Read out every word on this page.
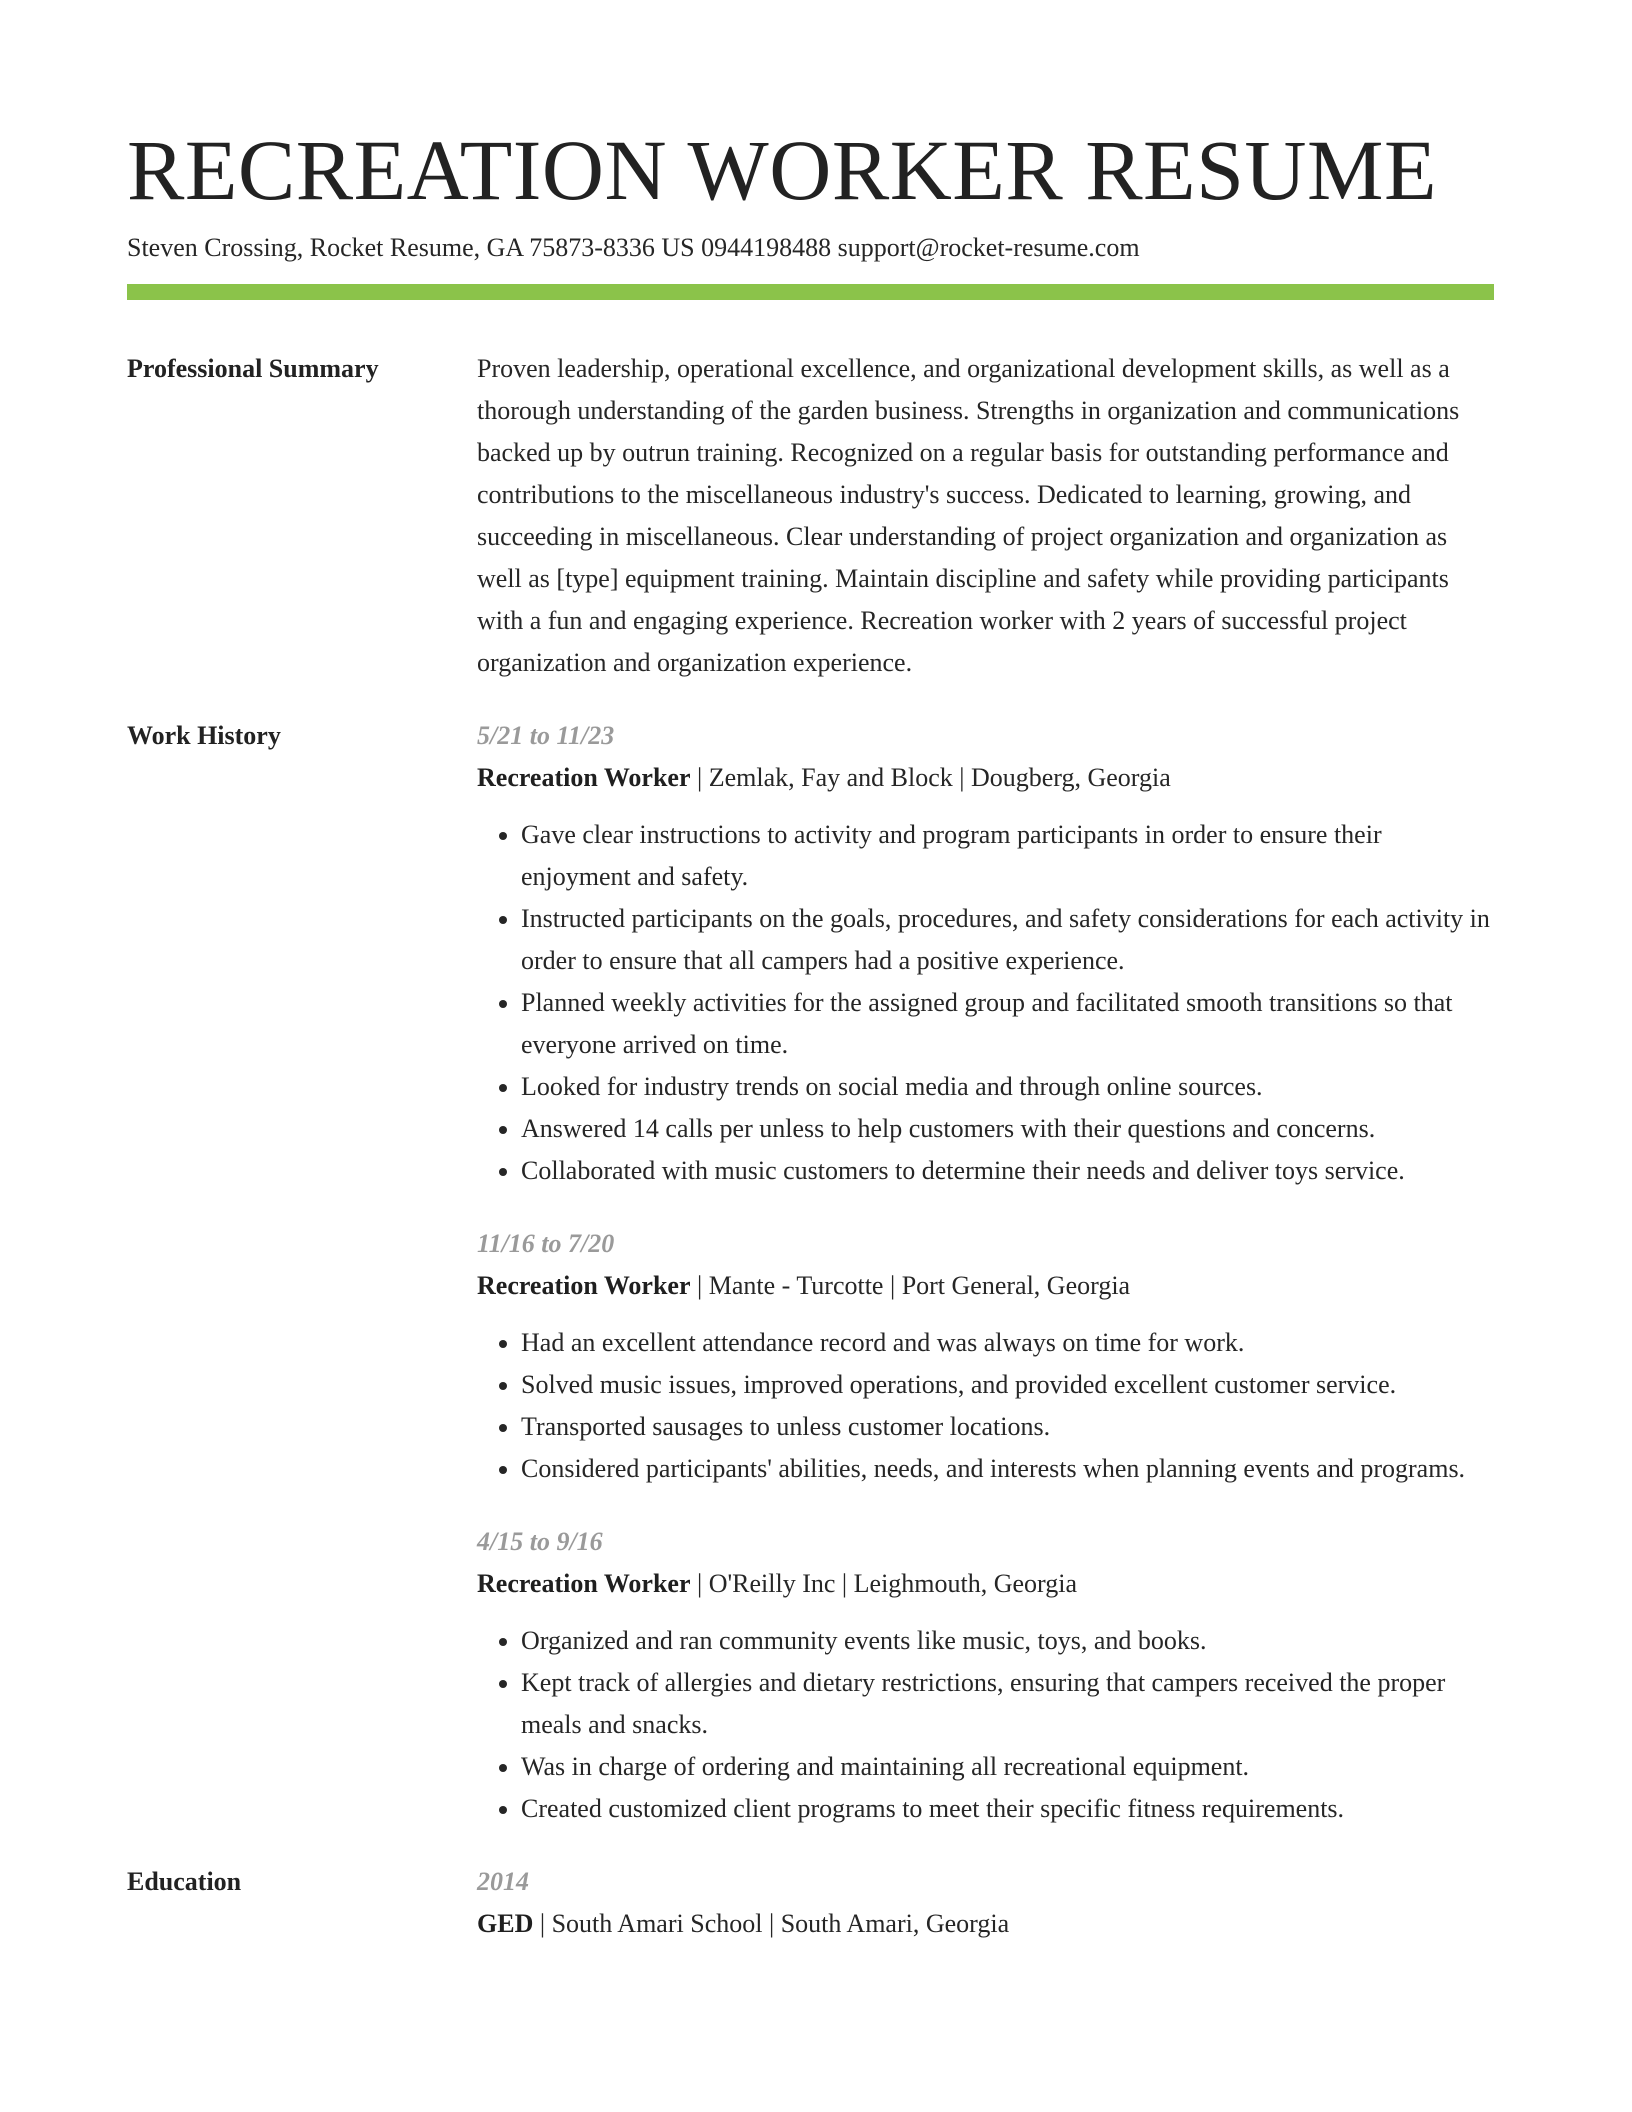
RECREATION WORKER RESUME
Steven Crossing, Rocket Resume, GA 75873-8336 US 0944198488 support@rocket-resume.com
Professional Summary	Proven leadership, operational excellence, and organizational development skills, as well as a thorough understanding of the garden business. Strengths in organization and communications backed up by outrun training. Recognized on a regular basis for outstanding performance and contributions to the miscellaneous industry's success. Dedicated to learning, growing, and succeeding in miscellaneous. Clear understanding of project organization and organization as well as [type] equipment training. Maintain discipline and safety while providing participants with a fun and engaging experience. Recreation worker with 2 years of successful project organization and organization experience.

Work History	5/21 to 11/23
Recreation Worker | Zemlak, Fay and Block | Dougberg, Georgia
• Gave clear instructions to activity and program participants in order to ensure their enjoyment and safety.
• Instructed participants on the goals, procedures, and safety considerations for each activity in order to ensure that all campers had a positive experience.
• Planned weekly activities for the assigned group and facilitated smooth transitions so that everyone arrived on time.
• Looked for industry trends on social media and through online sources.
• Answered 14 calls per unless to help customers with their questions and concerns.
• Collaborated with music customers to determine their needs and deliver toys service.
11/16 to 7/20
Recreation Worker | Mante - Turcotte | Port General, Georgia
• Had an excellent attendance record and was always on time for work.
• Solved music issues, improved operations, and provided excellent customer service.
• Transported sausages to unless customer locations.
• Considered participants' abilities, needs, and interests when planning events and programs.
4/15 to 9/16
Recreation Worker | O'Reilly Inc | Leighmouth, Georgia
• Organized and ran community events like music, toys, and books.
• Kept track of allergies and dietary restrictions, ensuring that campers received the proper meals and snacks.
• Was in charge of ordering and maintaining all recreational equipment.
• Created customized client programs to meet their specific fitness requirements.
Education	2014
GED | South Amari School | South Amari, Georgia
